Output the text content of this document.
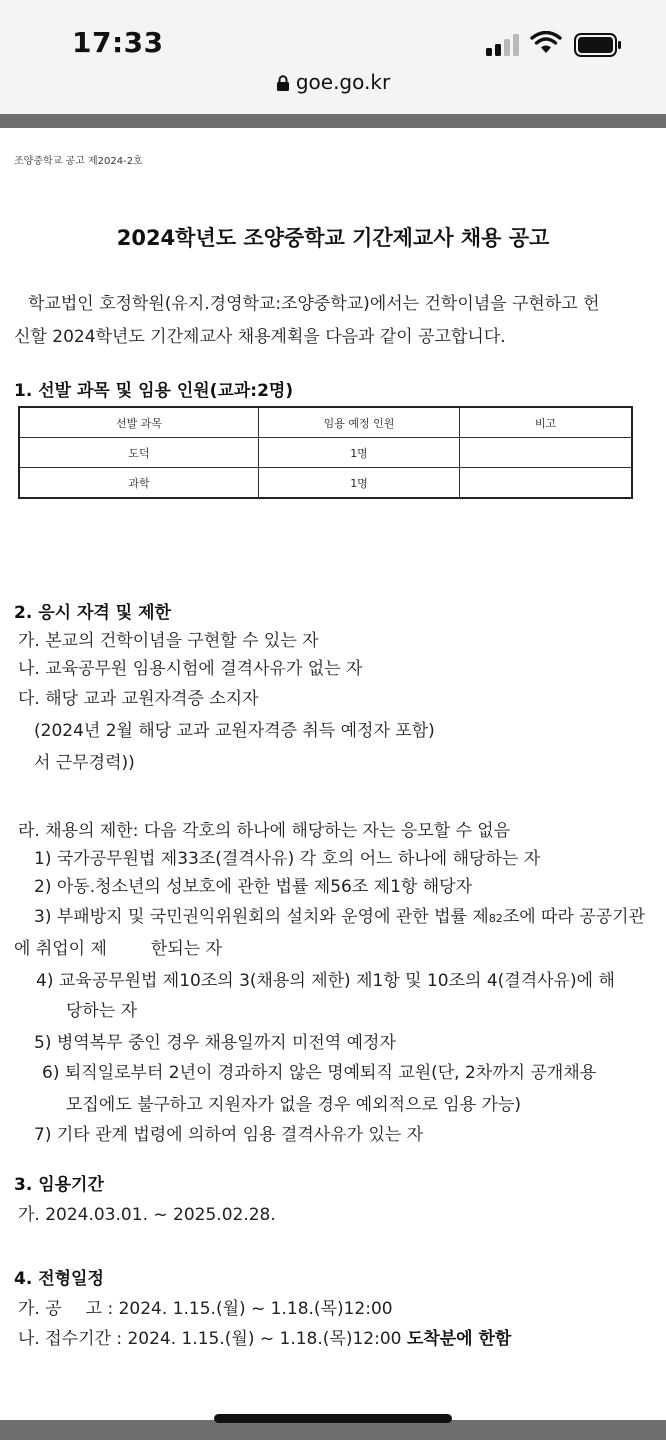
17:33
goe.go.kr
조양중학교 공고 제2024-2호
2024학년도 조양중학교 기간제교사 채용 공고
학교법인 호정학원(유지.경영학교:조양중학교)에서는 건학이념을 구현하고 헌
신할 2024학년도 기간제교사 채용계획을 다음과 같이 공고합니다.
1. 선발 과목 및 임용 인원(교과:2명)
선발 과목	임용 예정 인원	비고
도덕	1명	
과학	1명	
2. 응시 자격 및 제한
가. 본교의 건학이념을 구현할 수 있는 자
나. 교육공무원 임용시험에 결격사유가 없는 자
다. 해당 교과 교원자격증 소지자
(2024년 2월 해당 교과 교원자격증 취득 예정자 포함)
서 근무경력))
라. 채용의 제한: 다음 각호의 하나에 해당하는 자는 응모할 수 없음
1) 국가공무원법 제33조(결격사유) 각 호의 어느 하나에 해당하는 자
2) 아동.청소년의 성보호에 관한 법률 제56조 제1항 해당자
3) 부패방지 및 국민권익위원회의 설치와 운영에 관한 법률 제82조에 따라 공공기관
에 취업이 제	한되는 자
4) 교육공무원법 제10조의 3(채용의 제한) 제1항 및 10조의 4(결격사유)에 해
당하는 자
5) 병역복무 중인 경우 채용일까지 미전역 예정자
6) 퇴직일로부터 2년이 경과하지 않은 명예퇴직 교원(단, 2차까지 공개채용
모집에도 불구하고 지원자가 없을 경우 예외적으로 임용 가능)
7) 기타 관계 법령에 의하여 임용 결격사유가 있는 자
3. 임용기간
가. 2024.03.01. ~ 2025.02.28.
4. 전형일정
가. 공 고 : 2024. 1.15.(월) ~ 1.18.(목)12:00
나. 접수기간 : 2024. 1.15.(월) ~ 1.18.(목)12:00 도착분에 한함
